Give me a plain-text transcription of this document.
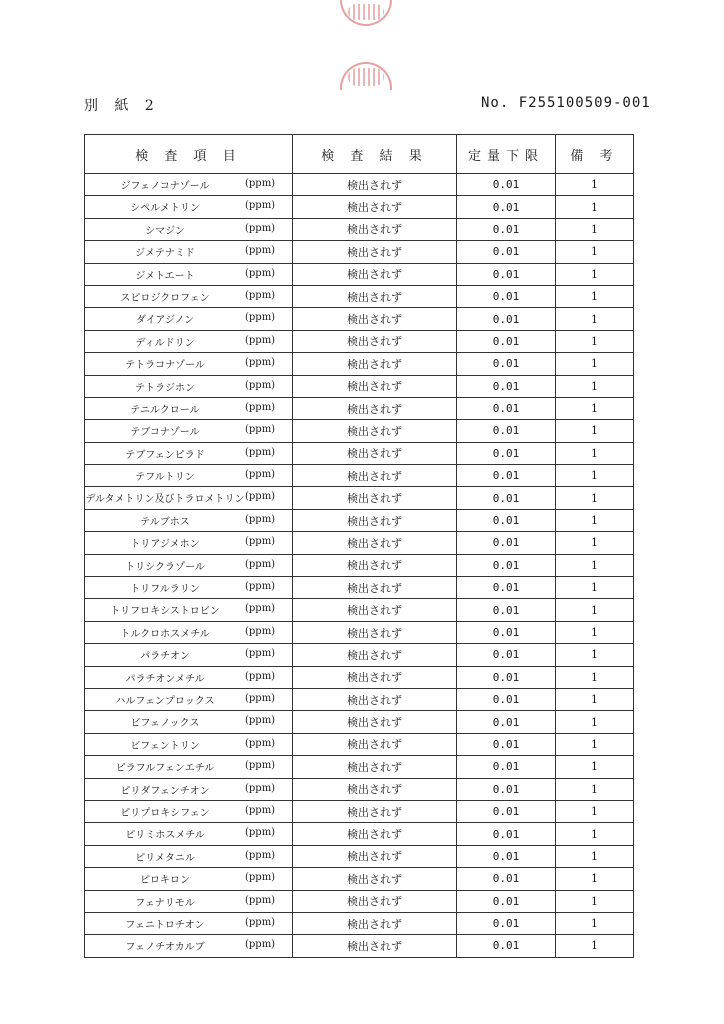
別 紙 2	No. F255100509-001
検 査 項 目	検 査 結 果	定量下限	備 考

ジフェノコナゾール (ppm)	検出されず	0.01	1

シペルメトリン (ppm)	検出されず	0.01	1

シマジン (ppm)	検出されず	0.01	1

ジメテナミド (ppm)	検出されず	0.01	1

ジメトエート (ppm)	検出されず	0.01	1

スピロジクロフェン (ppm)	検出されず	0.01	1

ダイアジノン (ppm)	検出されず	0.01	1

ディルドリン (ppm)	検出されず	0.01	1

テトラコナゾール (ppm)	検出されず	0.01	1

テトラジホン (ppm)	検出されず	0.01	1

テニルクロール (ppm)	検出されず	0.01	1

テブコナゾール (ppm)	検出されず	0.01	1

テブフェンピラド (ppm)	検出されず	0.01	1

テフルトリン (ppm)	検出されず	0.01	1

デルタメトリン及びトラロメトリン (ppm)	検出されず	0.01	1

テルブホス (ppm)	検出されず	0.01	1

トリアジメホン (ppm)	検出されず	0.01	1

トリシクラゾール (ppm)	検出されず	0.01	1

トリフルラリン (ppm)	検出されず	0.01	1

トリフロキシストロビン (ppm)	検出されず	0.01	1

トルクロホスメチル (ppm)	検出されず	0.01	1

パラチオン (ppm)	検出されず	0.01	1

パラチオンメチル (ppm)	検出されず	0.01	1

ハルフェンプロックス (ppm)	検出されず	0.01	1

ビフェノックス (ppm)	検出されず	0.01	1

ビフェントリン (ppm)	検出されず	0.01	1

ピラフルフェンエチル (ppm)	検出されず	0.01	1

ピリダフェンチオン (ppm)	検出されず	0.01	1

ピリプロキシフェン (ppm)	検出されず	0.01	1

ピリミホスメチル (ppm)	検出されず	0.01	1

ピリメタニル (ppm)	検出されず	0.01	1

ピロキロン (ppm)	検出されず	0.01	1

フェナリモル (ppm)	検出されず	0.01	1

フェニトロチオン (ppm)	検出されず	0.01	1

フェノチオカルブ (ppm)	検出されず	0.01	1
